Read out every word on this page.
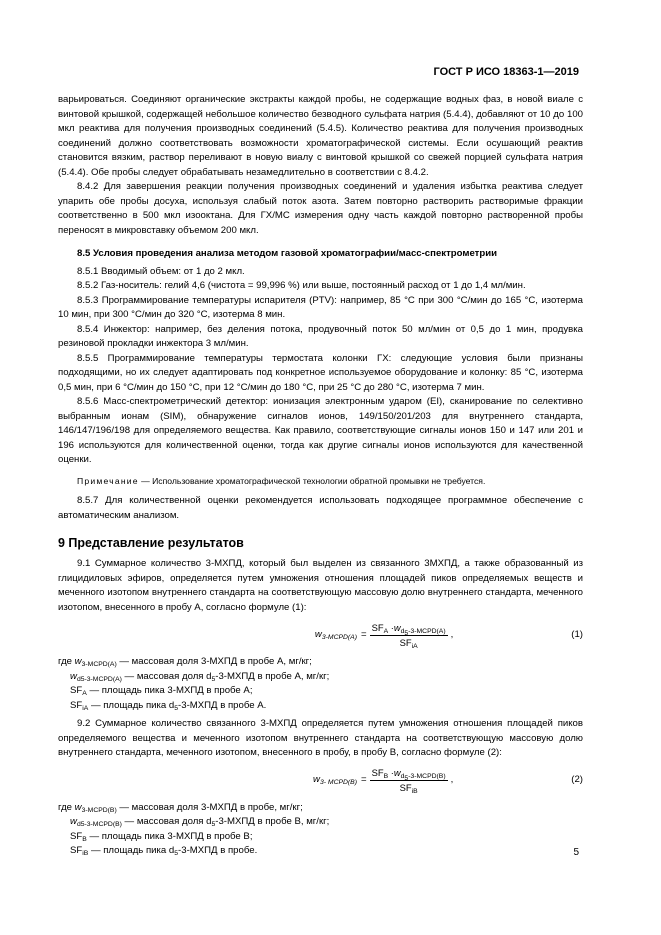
ГОСТ Р ИСО 18363-1—2019

варьироваться. Соединяют органические экстракты каждой пробы, не содержащие водных фаз, в новой виале с винтовой крышкой, содержащей небольшое количество безводного сульфата натрия (5.4.4), добавляют от 10 до 100 мкл реактива для получения производных соединений (5.4.5). Количество реактива для получения производных соединений должно соответствовать возможности хроматографической системы. Если осушающий реактив становится вязким, раствор переливают в новую виалу с винтовой крышкой со свежей порцией сульфата натрия (5.4.4). Обе пробы следует обрабатывать незамедлительно в соответствии с 8.4.2.

8.4.2 Для завершения реакции получения производных соединений и удаления избытка реактива следует упарить обе пробы досуха, используя слабый поток азота. Затем повторно растворить растворимые фракции соответственно в 500 мкл изооктана. Для ГХ/МС измерения одну часть каждой повторно растворенной пробы переносят в микровставку объемом 200 мкл.

8.5 Условия проведения анализа методом газовой хроматографии/масс-спектрометрии

8.5.1 Вводимый объем: от 1 до 2 мкл.

8.5.2 Газ-носитель: гелий 4,6 (чистота = 99,996 %) или выше, постоянный расход от 1 до 1,4 мл/мин.

8.5.3 Программирование температуры испарителя (PTV): например, 85 °C при 300 °С/мин до 165 °С, изотерма 10 мин, при 300 °С/мин до 320 °С, изотерма 8 мин.

8.5.4 Инжектор: например, без деления потока, продувочный поток 50 мл/мин от 0,5 до 1 мин, продувка резиновой прокладки инжектора 3 мл/мин.

8.5.5 Программирование температуры термостата колонки ГХ: следующие условия были признаны подходящими, но их следует адаптировать под конкретное используемое оборудование и колонку: 85 °С, изотерма 0,5 мин, при 6 °С/мин до 150 °С, при 12 °С/мин до 180 °С, при 25 °С до 280 °С, изотерма 7 мин.

8.5.6 Масс-спектрометрический детектор: ионизация электронным ударом (EI), сканирование по селективно выбранным ионам (SIM), обнаружение сигналов ионов, 149/150/201/203 для внутреннего стандарта, 146/147/196/198 для определяемого вещества. Как правило, соответствующие сигналы ионов 150 и 147 или 201 и 196 используются для количественной оценки, тогда как другие сигналы ионов используются для качественной оценки.

Примечание — Использование хроматографической технологии обратной промывки не требуется.

8.5.7 Для количественной оценки рекомендуется использовать подходящее программное обеспечение с автоматическим анализом.

9 Представление результатов

9.1 Суммарное количество 3-МХПД, который был выделен из связанного 3МХПД, а также образованный из глицидиловых эфиров, определяется путем умножения отношения площадей пиков определяемых веществ и меченного изотопом внутреннего стандарта на соответствующую массовую долю внутреннего стандарта, меченного изотопом, внесенного в пробу A, согласно формуле (1):

$w_{3-MCPD(A)} = \frac{SF_A \cdot w_{d_5-3-MCPD(A)}}{SF_{iA}}$ ,	(1)

где $w_{3-MCPD(A)}$ — массовая доля 3-МХПД в пробе А, мг/кг;

$w_{d5-3-MCPD(A)}$ — массовая доля $d_5-3$-МХПД в пробе А, мг/кг;

$SF_A$ — площадь пика 3-МХПД в пробе А;

$SF_{iA}$ — площадь пика $d_5-3$-МХПД в пробе А.

9.2 Суммарное количество связанного 3-МХПД определяется путем умножения отношения площадей пиков определяемого вещества и меченного изотопом внутреннего стандарта на соответствующую массовую долю внутреннего стандарта, меченного изотопом, внесенного в пробу, в пробу B, согласно формуле (2):

$w_{3- MCPD(B)} = \frac{SF_B \cdot w_{d_5-3-MCPD(B)}}{SF_{iB}}$ ,	(2)

где $w_{3-MCPD(B)}$ — массовая доля 3-МХПД в пробе, мг/кг;

$w_{d5-3-MCPD(B)}$ — массовая доля $d_5-3$-МХПД в пробе В, мг/кг;

$SF_B$ — площадь пика 3-МХПД в пробе В;

$SF_{iB}$ — площадь пика $d_5-3$-МХПД в пробе.	5
